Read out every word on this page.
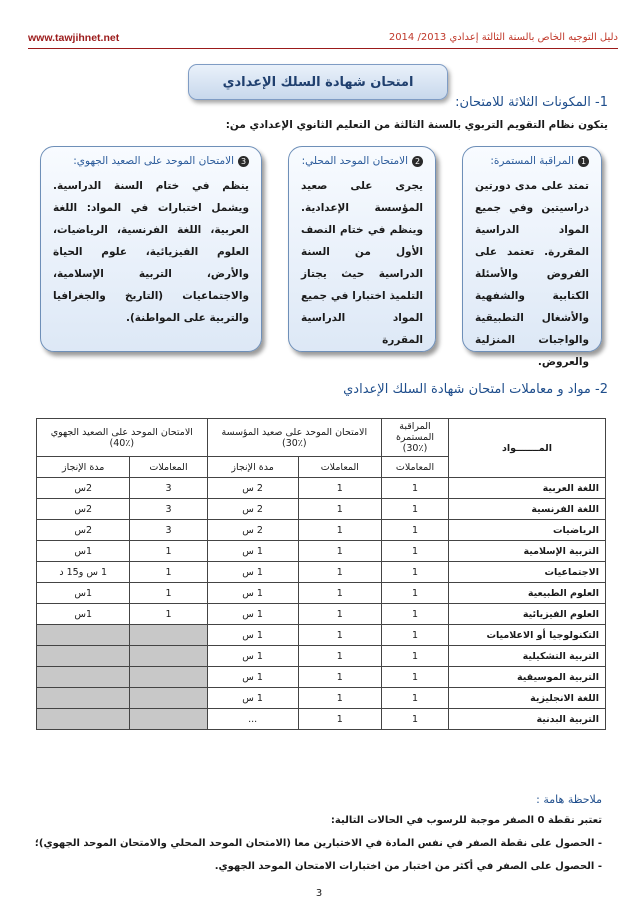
www.tawjihnet.net	دليل التوجيه الخاص بالسنة الثالثة إعدادي 2013/ 2014
امتحان شهادة السلك الإعدادي
1- المكونات الثلاثة للامتحان:
يتكون نظام التقويم التربوي بالسنة الثالثة من التعليم الثانوي الإعدادي من:
1المراقبة المستمرة:
تمتد على مدى دورتين دراسيتين وفي جميع المواد الدراسية المقررة. تعتمد على الفروض والأسئلة الكتابية والشفهية والأشغال التطبيقية والواجبات المنزلية والعروض.
2الامتحان الموحد المحلي:
يجرى على صعيد المؤسسة الإعدادية. وينظم في ختام النصف الأول من السنة الدراسية حيث يجتاز التلميذ اختبارا في جميع المواد الدراسية المقررة
3الامتحان الموحد على الصعيد الجهوي:
ينظم في ختام السنة الدراسية. ويشمل اختبارات في المواد: اللغة العربية، اللغة الفرنسية، الرياضيات، العلوم الفيزيائية، علوم الحياة والأرض، التربية الإسلامية، والاجتماعيات (التاريخ والجغرافيا والتربية على المواطنة).
2- مواد و معاملات امتحان شهادة السلك الإعدادي
المـــــــواد	المراقبة المستمرة
(30٪)	الامتحان الموحد على صعيد المؤسسة
(30٪)		الامتحان الموحد على الصعيد الجهوي
(40٪)	
	المعاملات	المعاملات	مدة الإنجاز	المعاملات	مدة الإنجاز
اللغة العربية	1	1	2 س	3	2س
اللغة الفرنسية	1	1	2 س	3	2س
الرياضيات	1	1	2 س	3	2س
التربية الإسلامية	1	1	1 س	1	1س
الاجتماعيات	1	1	1 س	1	1 س و15 د
العلوم الطبيعية	1	1	1 س	1	1س
العلوم الفيزيائية	1	1	1 س	1	1س
التكنولوجيا أو الاعلاميات	1	1	1 س		
التربية التشكيلية	1	1	1 س		
التربية الموسيقية	1	1	1 س		
اللغة الانجليزية	1	1	1 س		
التربية البدنية	1	1	...		
ملاحظة هامة :
تعتبر نقطة 0 الصفر موجبة للرسوب في الحالات التالية:
- الحصول على نقطة الصفر في نفس المادة في الاختبارين معا (الامتحان الموحد المحلي والامتحان الموحد الجهوي)؛
- الحصول على الصفر في أكثر من اختبار من اختبارات الامتحان الموحد الجهوي.
3
